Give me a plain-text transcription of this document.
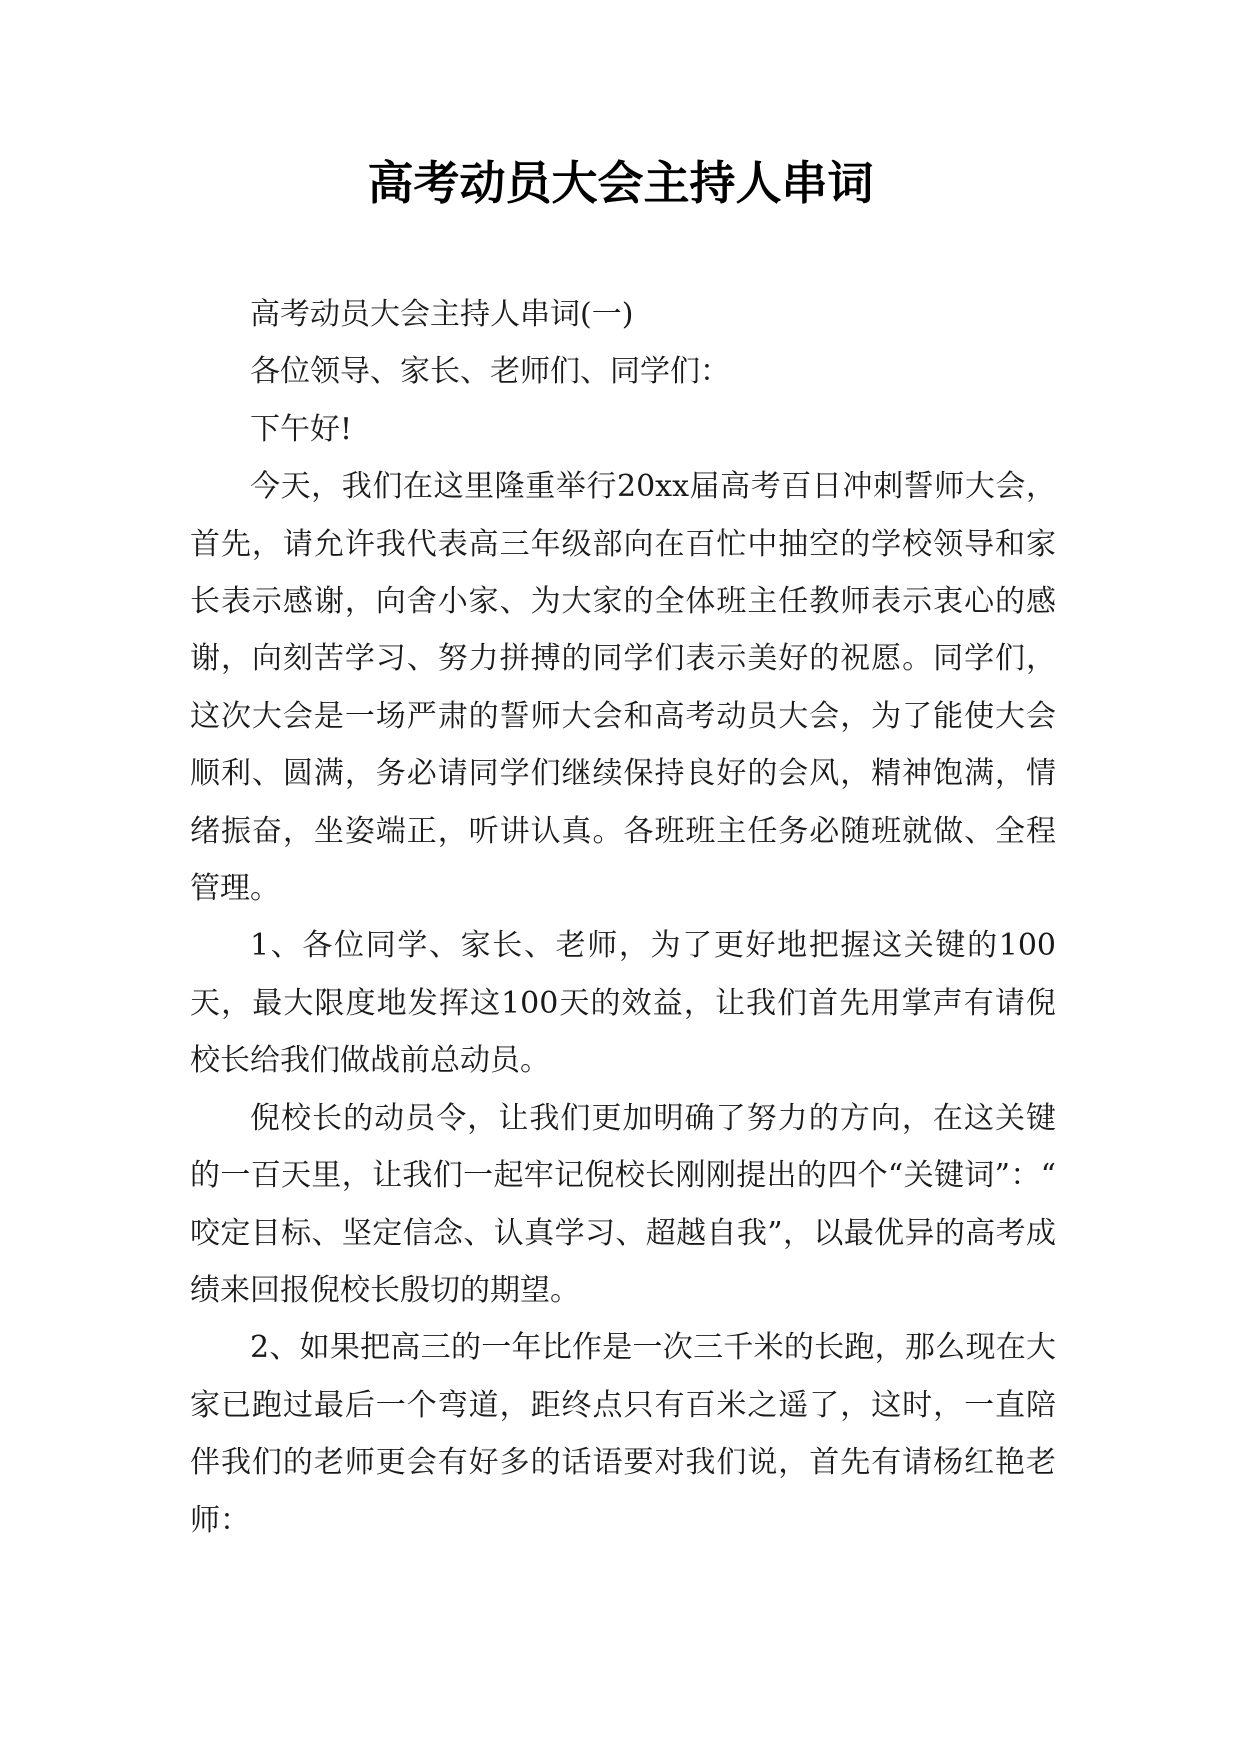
高考动员大会主持人串词

高考动员大会主持人串词(一)

各位领导、家长、老师们、同学们：

下午好!

今天，我们在这里隆重举行20xx届高考百日冲刺誓师大会，首先，请允许我代表高三年级部向在百忙中抽空的学校领导和家长表示感谢，向舍小家、为大家的全体班主任教师表示衷心的感谢，向刻苦学习、努力拼搏的同学们表示美好的祝愿。同学们，这次大会是一场严肃的誓师大会和高考动员大会，为了能使大会顺利、圆满，务必请同学们继续保持良好的会风，精神饱满，情绪振奋，坐姿端正，听讲认真。各班班主任务必随班就做、全程管理。

1、各位同学、家长、老师，为了更好地把握这关键的100天，最大限度地发挥这100天的效益，让我们首先用掌声有请倪校长给我们做战前总动员。

倪校长的动员令，让我们更加明确了努力的方向，在这关键的一百天里，让我们一起牢记倪校长刚刚提出的四个“关键词”：“ 咬定目标、坚定信念、认真学习、超越自我”，以最优异的高考成绩来回报倪校长殷切的期望。

2、如果把高三的一年比作是一次三千米的长跑，那么现在大家已跑过最后一个弯道，距终点只有百米之遥了，这时，一直陪伴我们的老师更会有好多的话语要对我们说，首先有请杨红艳老师：
